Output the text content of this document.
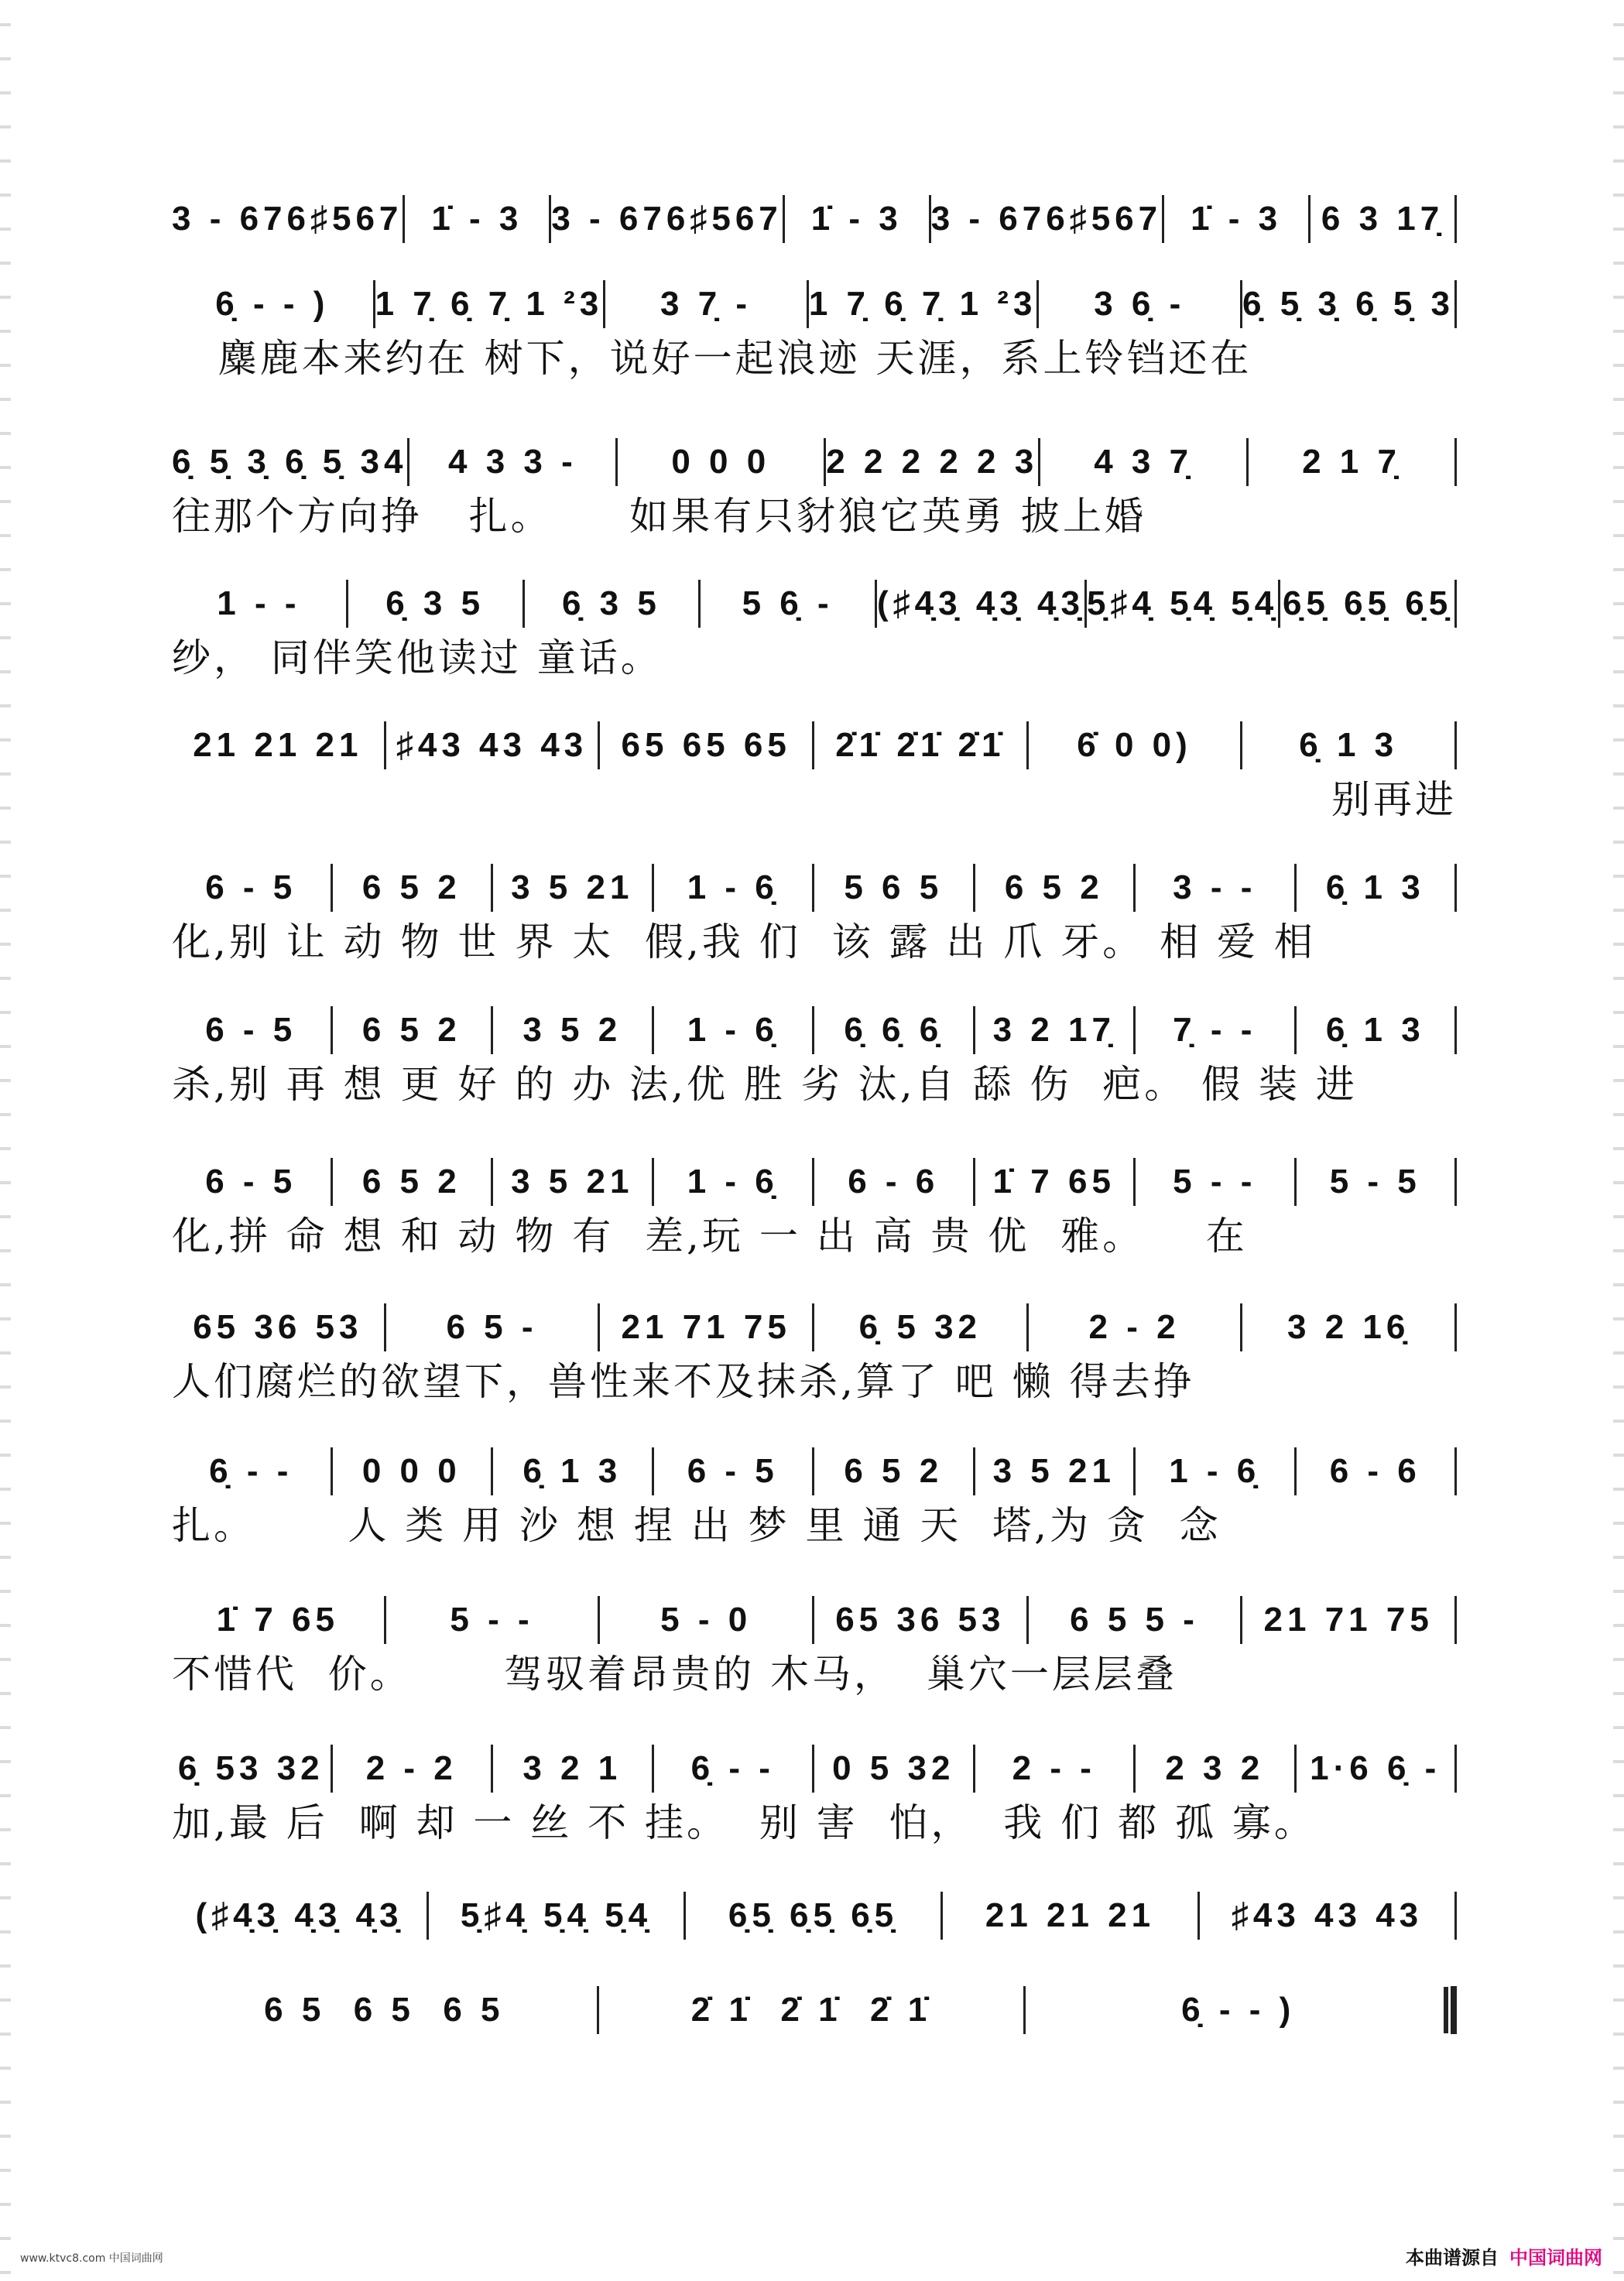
3 - 676♯567 1̇ - 3 3 - 676♯567 1̇ - 3 3 - 676♯567 1̇ - 3	6 3 17̣
6̣ - - )	1 7̣ 6̣ 7̣ 1 ²3	3 7̣ -	1 7̣ 6̣ 7̣ 1 ²3	3 6̣ -	6̣ 5̣ 3̣ 6̣ 5̣ 3
麋鹿本来约在 树下，说好一起浪迹 天涯，系上铃铛还在
6̣ 5̣ 3̣ 6̣ 5̣ 34	4 3 3 -	0 0 0	2 2 2 2 2 3	4 3 7̣	2 1 7̣
往那个方向挣   扎。     如果有只豺狼它英勇 披上婚
1 - -	6̣ 3 5	6̣ 3 5	5 6̣ -	(♯4̣3̣ 4̣3̣ 4̣3̣ 5̣♯4̣ 5̣4̣ 5̣4̣ 6̣5̣ 6̣5̣ 6̣5̣
纱， 同伴笑他读过 童话。
21 21 21 ♯43 43 43 65 65 65	2̇1̇ 2̇1̇ 2̇1̇	6̇ 0 0)	6̣ 1 3
别再进
6 - 5	6 5 2	3 5 21	1 - 6̣	5 6 5	6 5 2	3 - -	6̣ 1 3
化,别 让 动 物 世 界 太  假,我 们  该 露 出 爪 牙。 相 爱 相
6 - 5	6 5 2	3 5 2	1 - 6̣	6̣ 6̣ 6̣	3 2 17̣	7̣ - -	6̣ 1 3
杀,别 再 想 更 好 的 办 法,优 胜 劣 汰,自 舔 伤  疤。 假 装 进
6 - 5	6 5 2	3 5 21	1 - 6̣	6 - 6	1̇ 7 65	5 - -	5 - 5
化,拼 命 想 和 动 物 有  差,玩 一 出 高 贵 优  雅。    在
65 36 53	6 5 -	21 71 75	6̣ 5 32	2 - 2	3 2 16̣
人们腐烂的欲望下，兽性来不及抹杀,算了 吧 懒 得去挣
6̣ - -	0 0 0	6̣ 1 3	6 - 5	6 5 2	3 5 21	1 - 6̣	6 - 6
扎。      人 类 用 沙 想 捏 出 梦 里 通 天  塔,为 贪  念
1̇ 7 65	5 - -	5 - 0	65 36 53	6 5 5 -	21 71 75
不惜代  价。      驾驭着昂贵的 木马，  巢穴一层层叠
6̣ 53 32	2 - 2	3 2 1	6̣ - -	0 5 32	2 - -	2 3 2	1·6 6̣ -
加,最 后  啊 却 一 丝 不 挂。  别 害  怕，  我 们 都 孤 寡。
(♯4̣3̣ 4̣3̣ 4̣3̣	5̣♯4̣ 5̣4̣ 5̣4̣	6̣5̣ 6̣5̣ 6̣5̣	21 21 21	♯43 43 43
6 5  6 5  6 5	2̇ 1̇  2̇ 1̇  2̇ 1̇	6̣ - - )
www.ktvc8.com 中国词曲网	本曲谱源自 中国词曲网
